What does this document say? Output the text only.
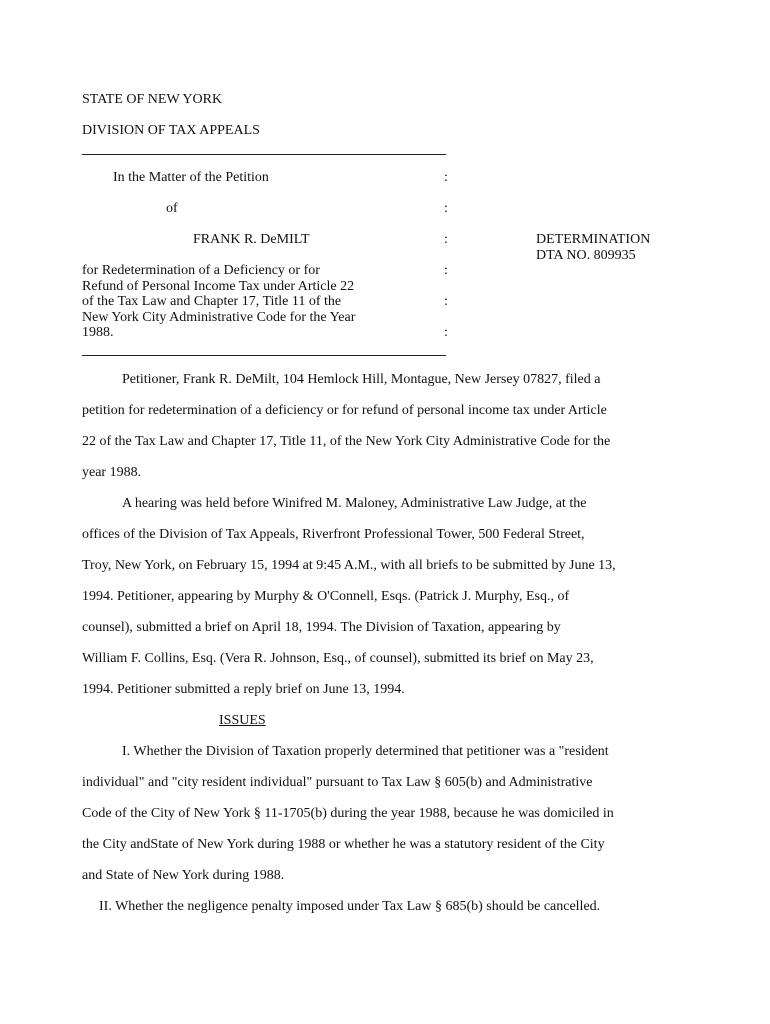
STATE OF NEW YORK
DIVISION OF TAX APPEALS
In the Matter of the Petition
of
FRANK R. DeMILT
for Redetermination of a Deficiency or for
Refund of Personal Income Tax under Article 22
of the Tax Law and Chapter 17, Title 11 of the
New York City Administrative Code for the Year
1988.
:
:
:
:
:
:
DETERMINATION
DTA NO. 809935
Petitioner, Frank R. DeMilt, 104 Hemlock Hill, Montague, New Jersey 07827, filed a
petition for redetermination of a deficiency or for refund of personal income tax under Article
22 of the Tax Law and Chapter 17, Title 11, of the New York City Administrative Code for the
year 1988.
A hearing was held before Winifred M. Maloney, Administrative Law Judge, at the
offices of the Division of Tax Appeals, Riverfront Professional Tower, 500 Federal Street,
Troy, New York, on February 15, 1994 at 9:45 A.M., with all briefs to be submitted by June 13,
1994. Petitioner, appearing by Murphy & O'Connell, Esqs. (Patrick J. Murphy, Esq., of
counsel), submitted a brief on April 18, 1994. The Division of Taxation, appearing by
William F. Collins, Esq. (Vera R. Johnson, Esq., of counsel), submitted its brief on May 23,
1994. Petitioner submitted a reply brief on June 13, 1994.
ISSUES
I. Whether the Division of Taxation properly determined that petitioner was a "resident
individual" and "city resident individual" pursuant to Tax Law § 605(b) and Administrative
Code of the City of New York § 11-1705(b) during the year 1988, because he was domiciled in
the City andState of New York during 1988 or whether he was a statutory resident of the City
and State of New York during 1988.
II. Whether the negligence penalty imposed under Tax Law § 685(b) should be cancelled.
